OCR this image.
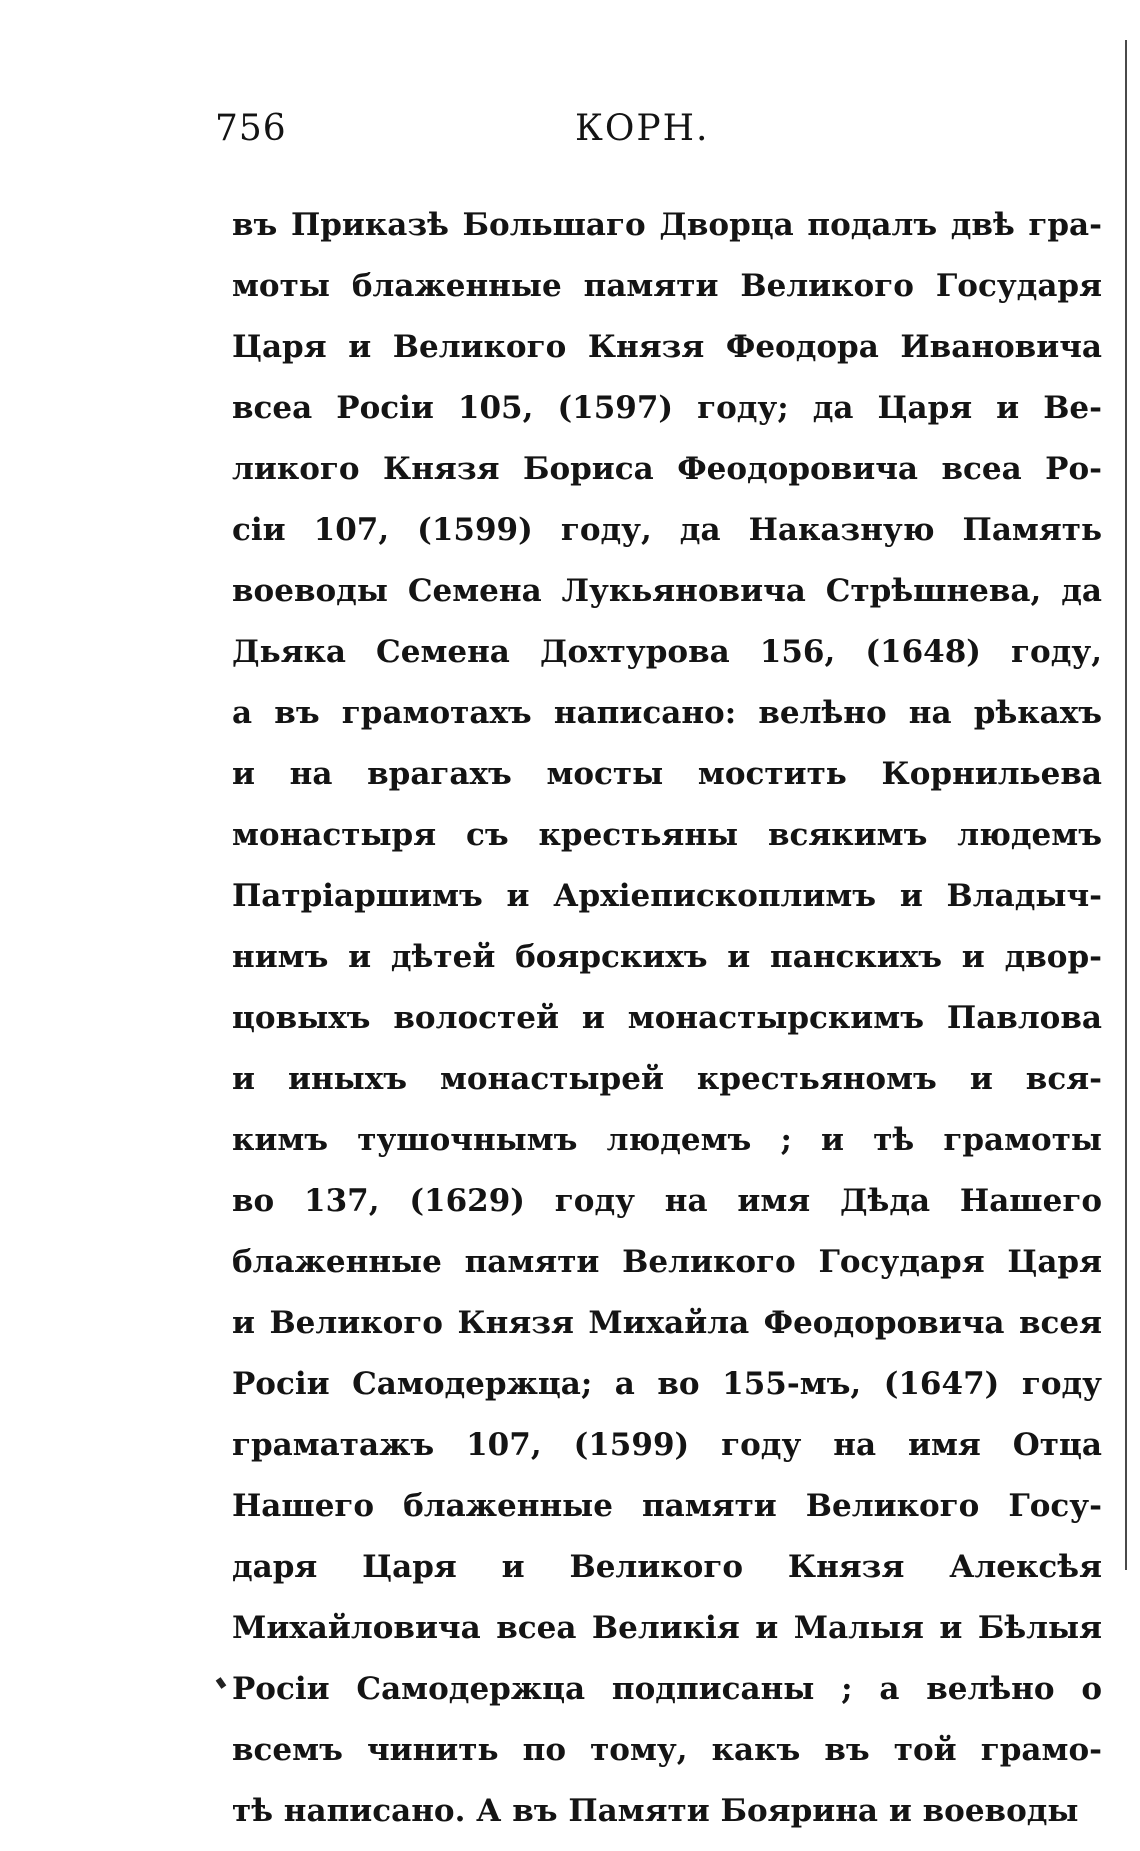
756	КОРН.
въ Приказѣ Большаго Дворца подалъ двѣ гра-
моты блаженные памяти Великого Государя
Царя и Великого Князя Феодора Ивановича
всеа Росіи 105, (1597) году; да Царя и Ве-
ликого Князя Бориса Феодоровича всеа Ро-
сіи 107, (1599) году, да Наказную Память
воеводы Семена Лукьяновича Стрѣшнева, да
Дьяка Семена Дохтурова 156, (1648) году,
а въ грамотахъ написано: велѣно на рѣкахъ
и на врагахъ мосты мостить Корнильева
монастыря съ крестьяны всякимъ людемъ
Патріаршимъ и Архіепископлимъ и Владыч-
нимъ и дѣтей боярскихъ и панскихъ и двор-
цовыхъ волостей и монастырскимъ Павлова
и иныхъ монастырей крестьяномъ и вся-
кимъ тушочнымъ людемъ ; и тѣ грамоты
во 137, (1629) году на имя Дѣда Нашего
блаженные памяти Великого Государя Царя
и Великого Князя Михайла Феодоровича всея
Росіи Самодержца; а во 155-мъ, (1647) году
граматажъ 107, (1599) году на имя Отца
Нашего блаженные памяти Великого Госу-
даря Царя и Великого Князя Алексѣя
Михайловича всеа Великія и Малыя и Бѣлыя
Росіи Самодержца подписаны ; а велѣно о
всемъ чинить по тому, какъ въ той грамо-
тѣ написано. А въ Памяти Боярина и воеводы
